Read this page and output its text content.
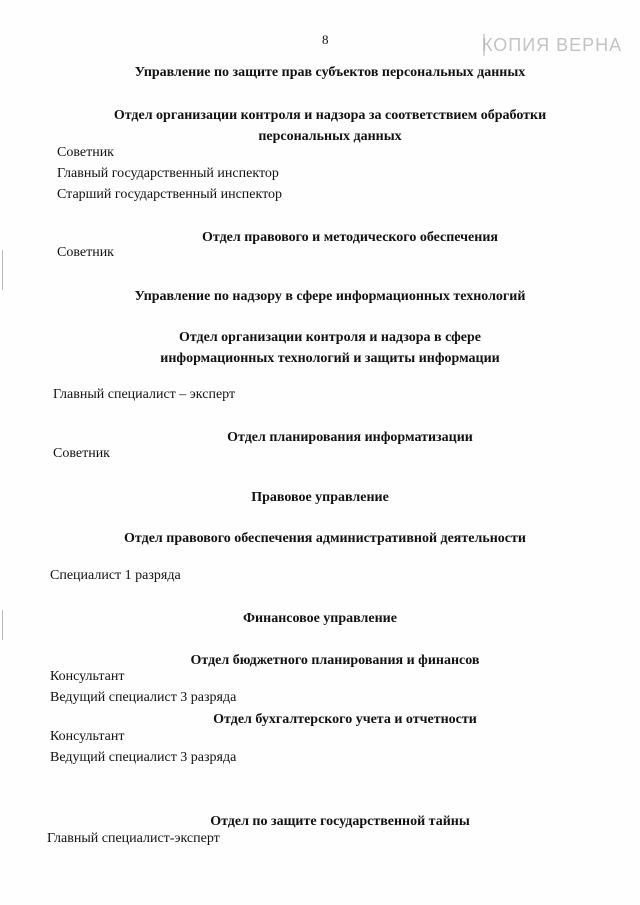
8	КОПИЯ ВЕРНА
Управление по защите прав субъектов персональных данных
Отдел организации контроля и надзора за соответствием обработки
персональных данных
Советник
Главный государственный инспектор
Старший государственный инспектор
Отдел правового и методического обеспечения
Советник
Управление по надзору в сфере информационных технологий
Отдел организации контроля и надзора в сфере
информационных технологий и защиты информации
Главный специалист – эксперт
Отдел планирования информатизации
Советник
Правовое управление
Отдел правового обеспечения административной деятельности
Специалист 1 разряда
Финансовое управление
Отдел бюджетного планирования и финансов
Консультант
Ведущий специалист 3 разряда
Отдел бухгалтерского учета и отчетности
Консультант
Ведущий специалист 3 разряда
Отдел по защите государственной тайны
Главный специалист-эксперт
